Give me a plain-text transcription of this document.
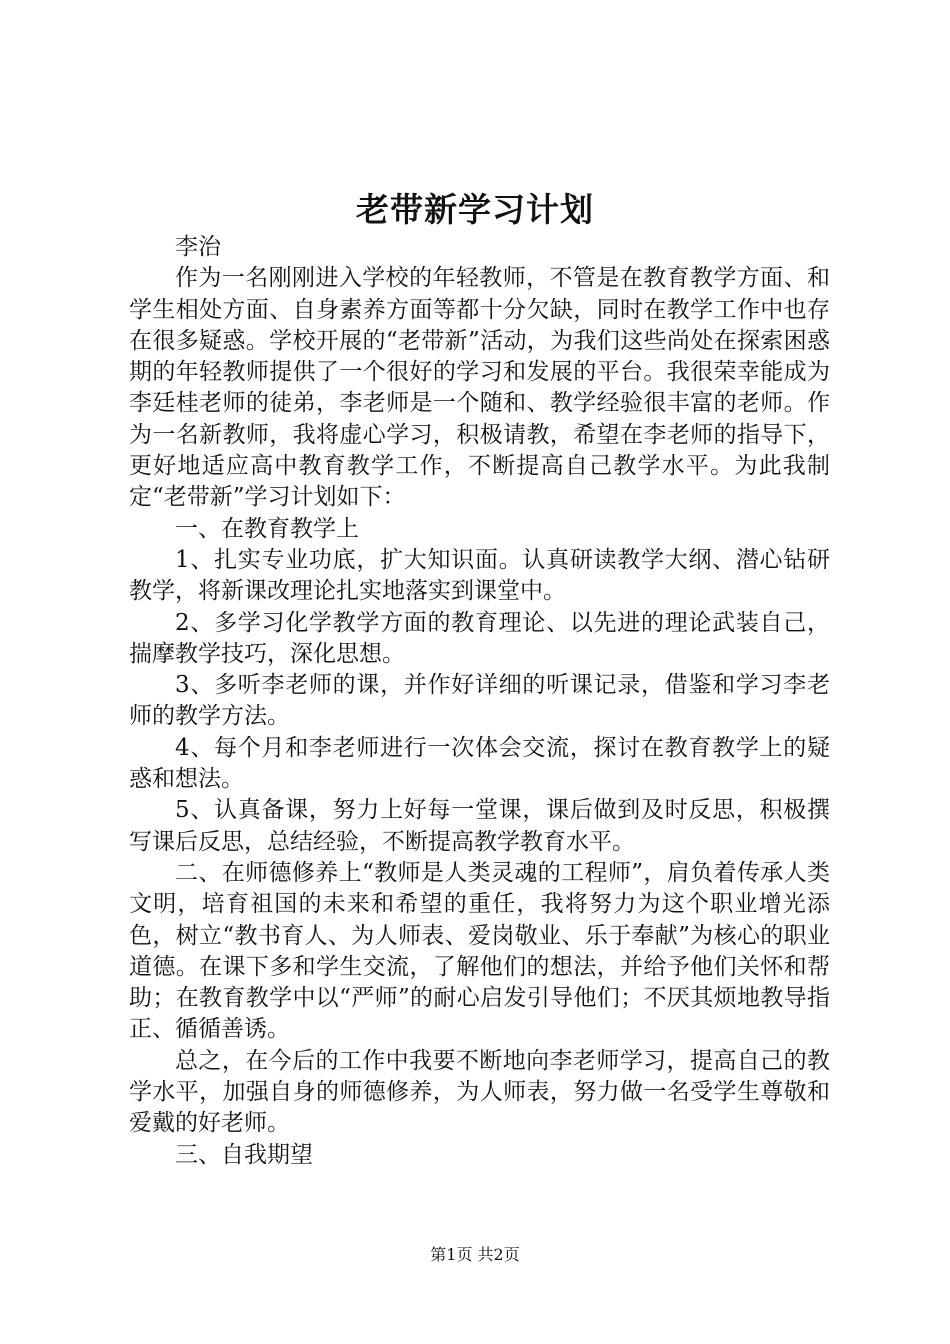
老带新学习计划

李治

作为一名刚刚进入学校的年轻教师，不管是在教育教学方面、和学生相处方面、自身素养方面等都十分欠缺，同时在教学工作中也存在很多疑惑。学校开展的“老带新”活动，为我们这些尚处在探索困惑期的年轻教师提供了一个很好的学习和发展的平台。我很荣幸能成为李廷桂老师的徒弟，李老师是一个随和、教学经验很丰富的老师。作为一名新教师，我将虚心学习，积极请教，希望在李老师的指导下，更好地适应高中教育教学工作，不断提高自己教学水平。为此我制定“老带新”学习计划如下：

一、在教育教学上

1、扎实专业功底，扩大知识面。认真研读教学大纲、潜心钻研教学，将新课改理论扎实地落实到课堂中。

2、多学习化学教学方面的教育理论、以先进的理论武装自己，揣摩教学技巧，深化思想。

3、多听李老师的课，并作好详细的听课记录，借鉴和学习李老师的教学方法。

4、每个月和李老师进行一次体会交流，探讨在教育教学上的疑惑和想法。

5、认真备课，努力上好每一堂课，课后做到及时反思，积极撰写课后反思，总结经验，不断提高教学教育水平。

二、在师德修养上“教师是人类灵魂的工程师”，肩负着传承人类文明，培育祖国的未来和希望的重任，我将努力为这个职业增光添色，树立“教书育人、为人师表、爱岗敬业、乐于奉献”为核心的职业道德。在课下多和学生交流，了解他们的想法，并给予他们关怀和帮助；在教育教学中以“严师”的耐心启发引导他们；不厌其烦地教导指正、循循善诱。

总之，在今后的工作中我要不断地向李老师学习，提高自己的教学水平，加强自身的师德修养，为人师表，努力做一名受学生尊敬和爱戴的好老师。

三、自我期望

第1页 共2页
